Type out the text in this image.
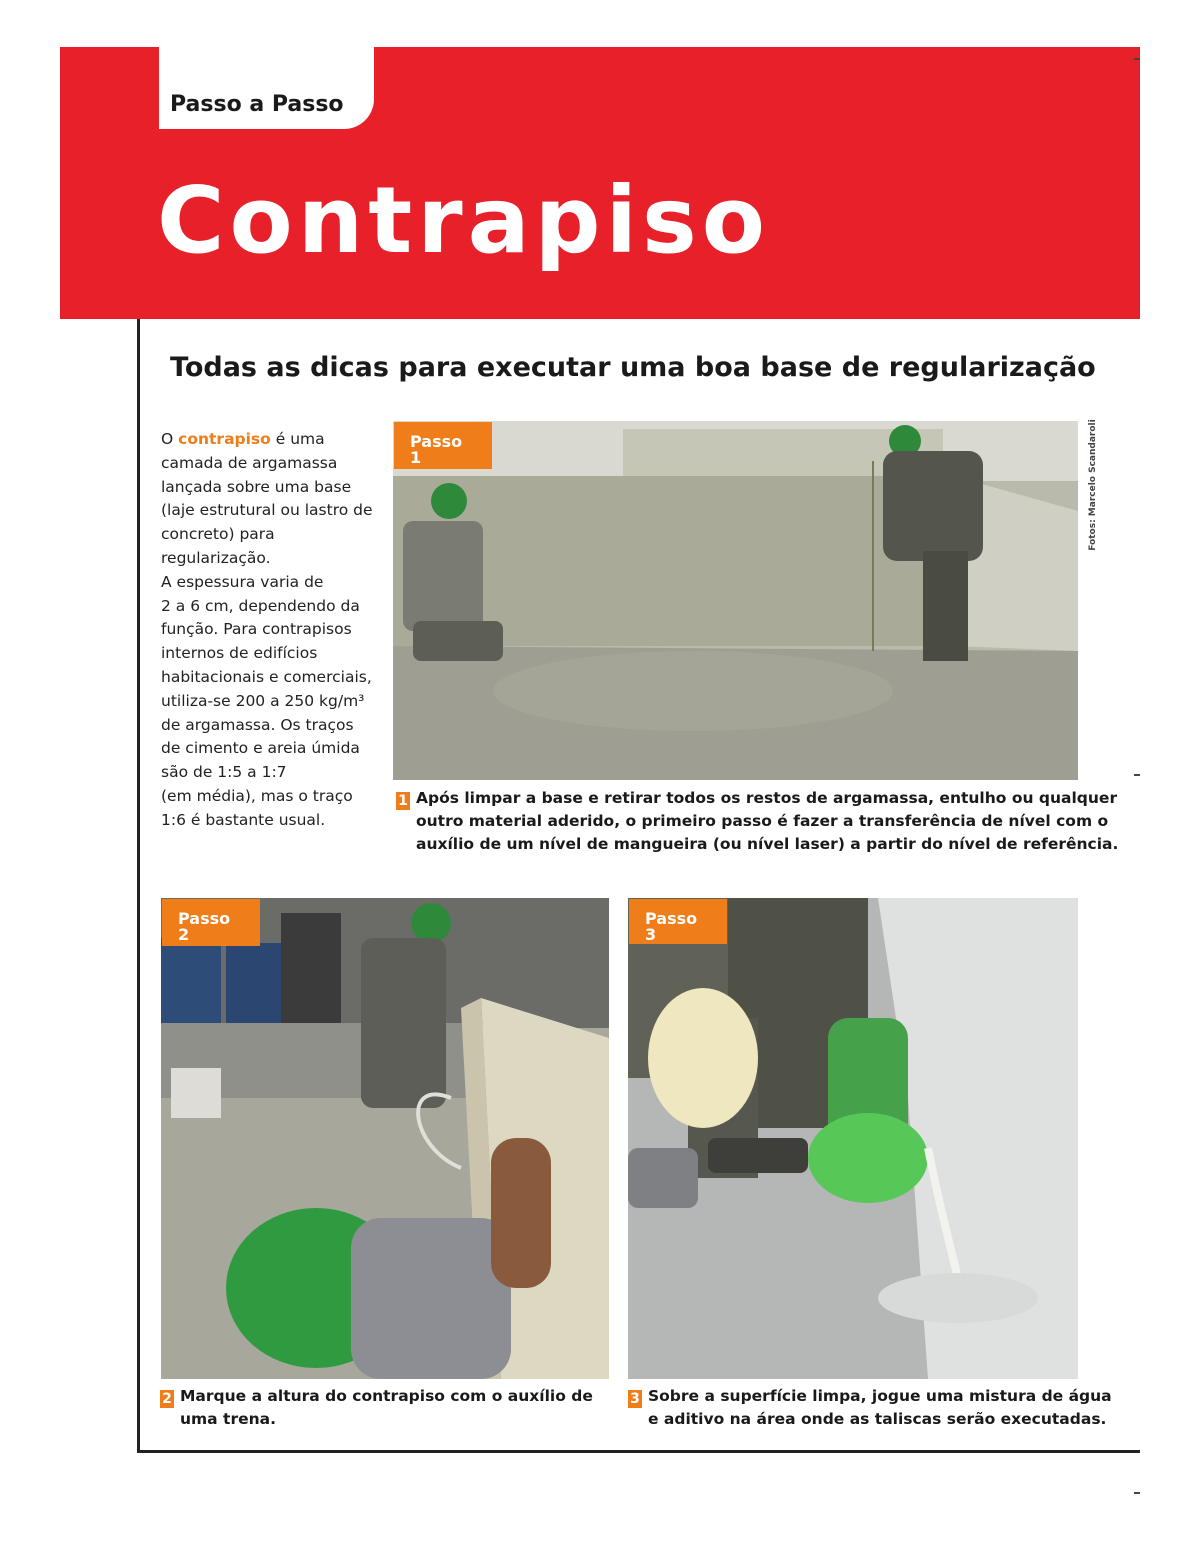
Passo a Passo
Contrapiso
Todas as dicas para executar uma boa base de regularização
O contrapiso é uma
camada de argamassa
lançada sobre uma base
(laje estrutural ou lastro de
concreto) para
regularização.
A espessura varia de
2 a 6 cm, dependendo da
função. Para contrapisos
internos de edifícios
habitacionais e comerciais,
utiliza-se 200 a 250 kg/m³
de argamassa. Os traços
de cimento e areia úmida
são de 1:5 a 1:7
(em média), mas o traço
1:6 é bastante usual.
Passo 1	Fotos: Marcelo Scandaroli
1 Após limpar a base e retirar todos os restos de argamassa, entulho ou qualquer
outro material aderido, o primeiro passo é fazer a transferência de nível com o
auxílio de um nível de mangueira (ou nível laser) a partir do nível de referência.
Passo 2
Passo 3
2 Marque a altura do contrapiso com o auxílio de
uma trena.
3 Sobre a superfície limpa, jogue uma mistura de água
e aditivo na área onde as taliscas serão executadas.
